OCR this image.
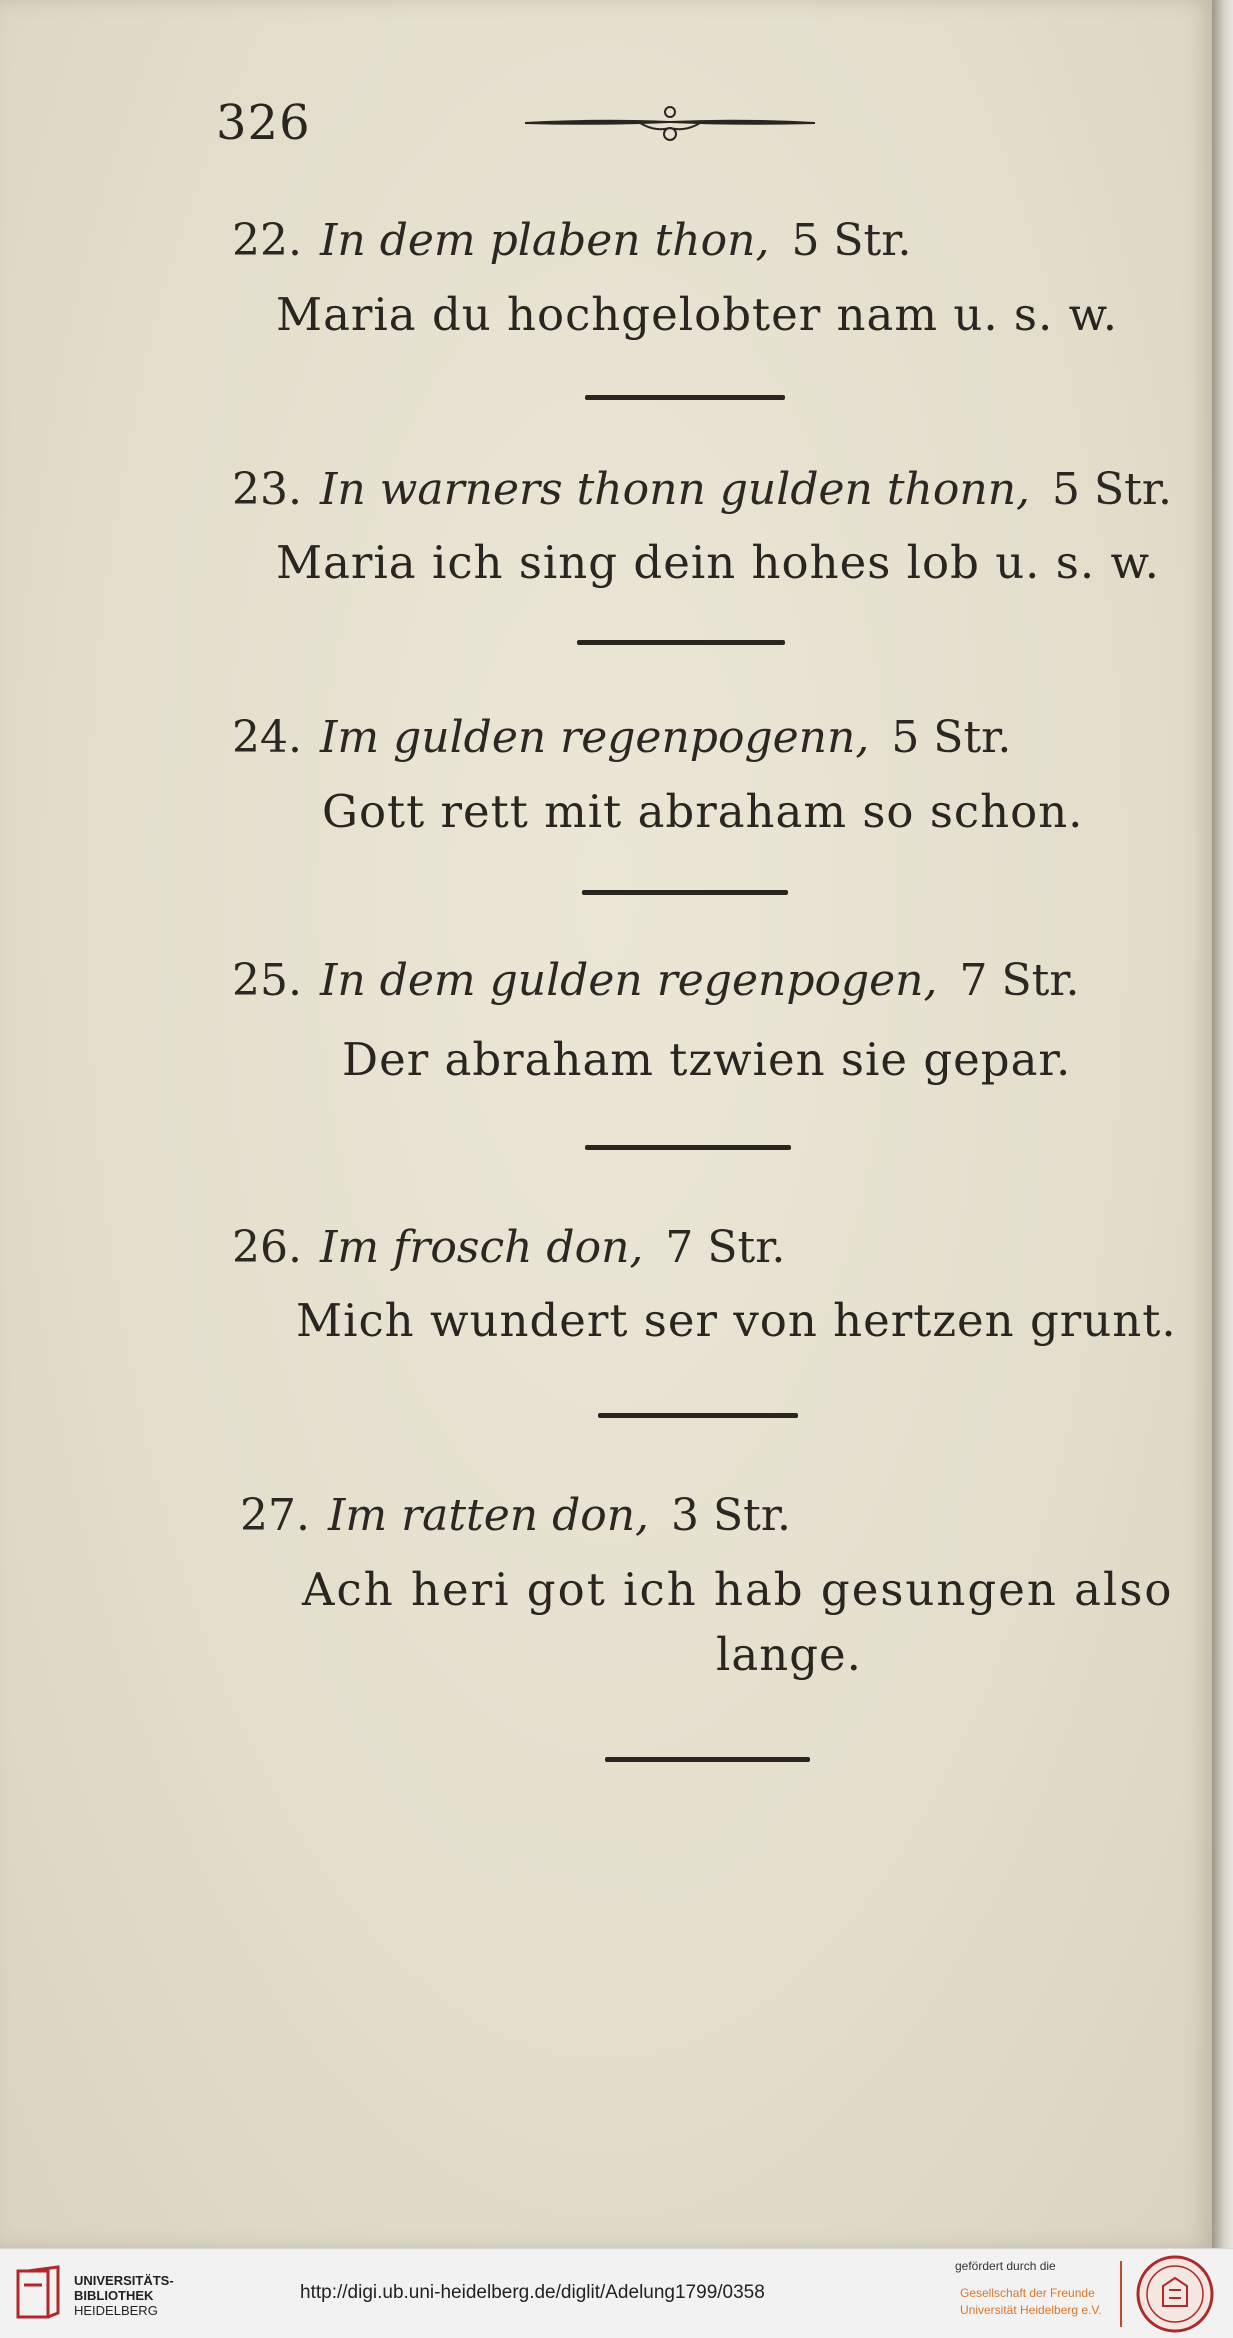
326
22. In dem plaben thon, 5 Str.
Maria du hochgelobter nam u. s. w.
23. In warners thonn gulden thonn, 5 Str.
Maria ich sing dein hohes lob u. s. w.
24. Im gulden regenpogenn, 5 Str.
Gott rett mit abraham so schon.
25. In dem gulden regenpogen, 7 Str.
Der abraham tzwien sie gepar.
26. Im frosch don, 7 Str.
Mich wundert ser von hertzen grunt.
27. Im ratten don, 3 Str.
Ach heri got ich hab gesungen also
lange.
UNIVERSITÄTS-
BIBLIOTHEK
HEIDELBERG
http://digi.ub.uni-heidelberg.de/diglit/Adelung1799/0358
gefördert durch die
Gesellschaft der Freunde
Universität Heidelberg e.V.
